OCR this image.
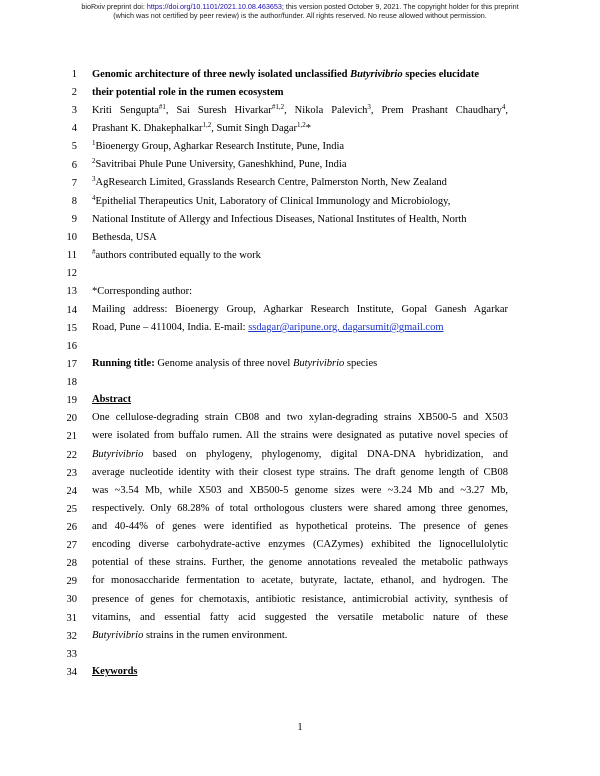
bioRxiv preprint doi: https://doi.org/10.1101/2021.10.08.463653; this version posted October 9, 2021. The copyright holder for this preprint
(which was not certified by peer review) is the author/funder. All rights reserved. No reuse allowed without permission.
1
2
3
4
5
6
7
8
9
10
11
12
13
14
15
16
17
18
19
20
21
22
23
24
25
26
27
28
29
30
31
32
33
34
Genomic architecture of three newly isolated unclassified Butyrivibrio species elucidate
their potential role in the rumen ecosystem
Kriti Sengupta$^{\#1}$, Sai Suresh Hivarkar$^{\#1,2}$, Nikola Palevich$^3$, Prem Prashant Chaudhary$^4$,
Prashant K. Dhakephalkar$^{1,2}$, Sumit Singh Dagar$^{1,2}$*
$^1$Bioenergy Group, Agharkar Research Institute, Pune, India
$^2$Savitribai Phule Pune University, Ganeshkhind, Pune, India
$^3$AgResearch Limited, Grasslands Research Centre, Palmerston North, New Zealand
$^4$Epithelial Therapeutics Unit, Laboratory of Clinical Immunology and Microbiology,
National Institute of Allergy and Infectious Diseases, National Institutes of Health, North
Bethesda, USA
#authors contributed equally to the work
*Corresponding author:
Mailing address: Bioenergy Group, Agharkar Research Institute, Gopal Ganesh Agarkar
Road, Pune – 411004, India. E-mail: ssdagar@aripune.org, dagarsumit@gmail.com
Running title: Genome analysis of three novel Butyrivibrio species
Abstract
One cellulose-degrading strain CB08 and two xylan-degrading strains XB500-5 and X503
were isolated from buffalo rumen. All the strains were designated as putative novel species of
Butyrivibrio based on phylogeny, phylogenomy, digital DNA-DNA hybridization, and
average nucleotide identity with their closest type strains. The draft genome length of CB08
was ~3.54 Mb, while X503 and XB500-5 genome sizes were ~3.24 Mb and ~3.27 Mb,
respectively. Only 68.28% of total orthologous clusters were shared among three genomes,
and 40-44% of genes were identified as hypothetical proteins. The presence of genes
encoding diverse carbohydrate-active enzymes (CAZymes) exhibited the lignocellulolytic
potential of these strains. Further, the genome annotations revealed the metabolic pathways
for monosaccharide fermentation to acetate, butyrate, lactate, ethanol, and hydrogen. The
presence of genes for chemotaxis, antibiotic resistance, antimicrobial activity, synthesis of
vitamins, and essential fatty acid suggested the versatile metabolic nature of these
Butyrivibrio strains in the rumen environment.
Keywords
1
